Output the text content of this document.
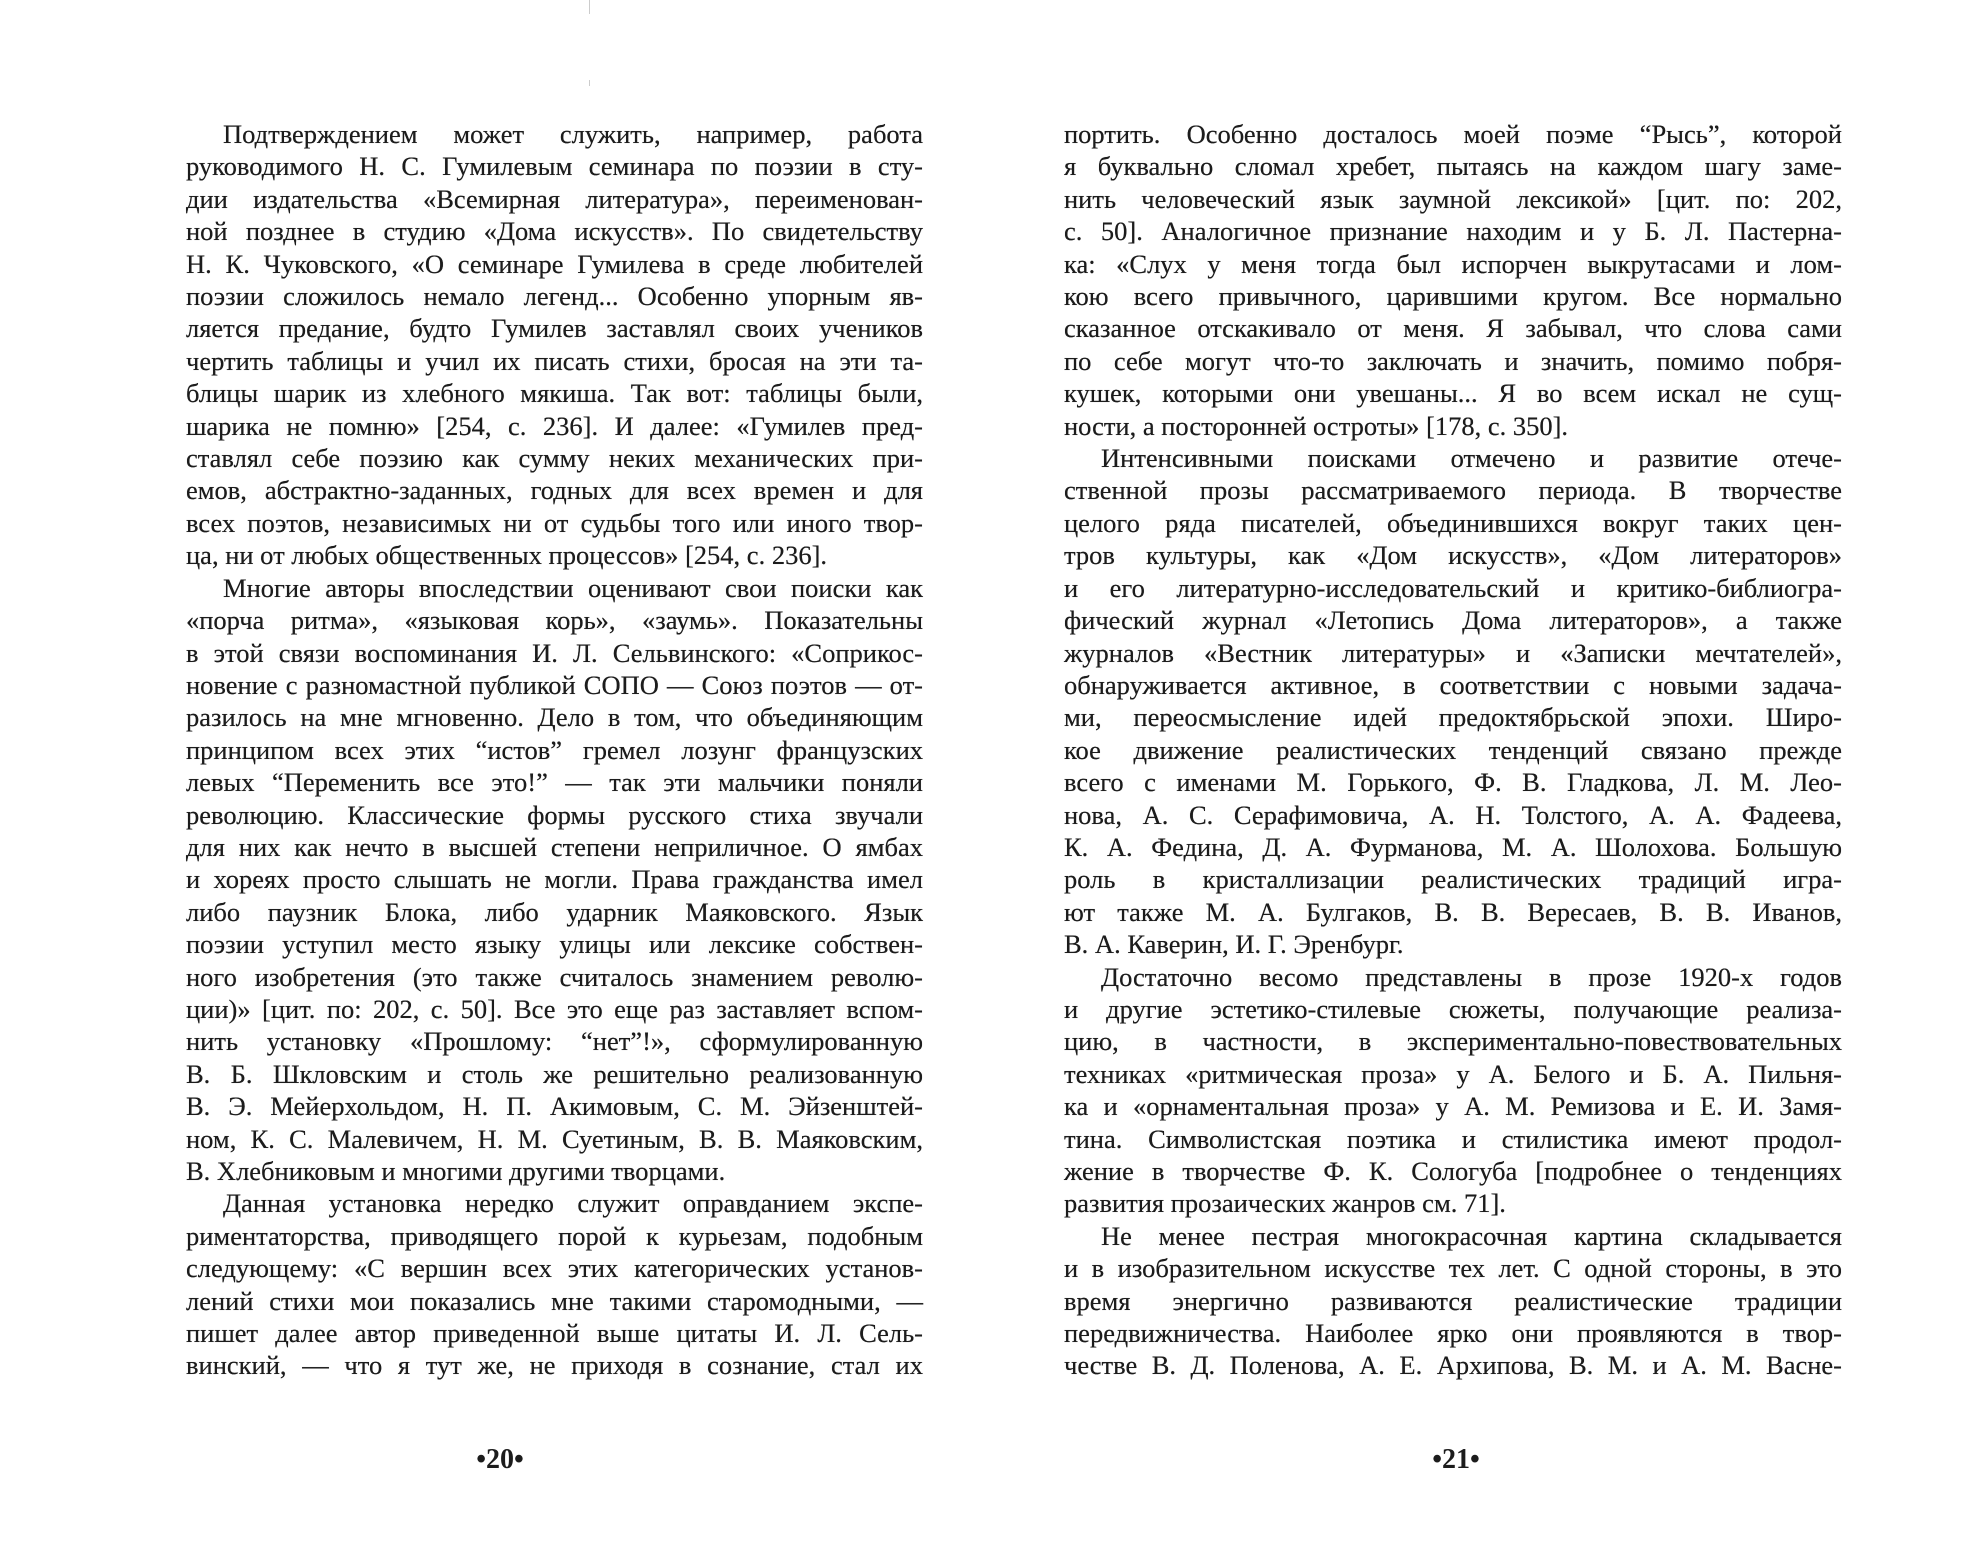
Подтверждением может служить, например, работа
руководимого Н. С. Гумилевым семинара по поэзии в сту-
дии издательства «Всемирная литература», переименован-
ной позднее в студию «Дома искусств». По свидетельству
Н. К. Чуковского, «О семинаре Гумилева в среде любителей
поэзии сложилось немало легенд... Особенно упорным яв-
ляется предание, будто Гумилев заставлял своих учеников
чертить таблицы и учил их писать стихи, бросая на эти та-
блицы шарик из хлебного мякиша. Так вот: таблицы были,
шарика не помню» [254, с. 236]. И далее: «Гумилев пред-
ставлял себе поэзию как сумму неких механических при-
емов, абстрактно-заданных, годных для всех времен и для
всех поэтов, независимых ни от судьбы того или иного твор-
ца, ни от любых общественных процессов» [254, с. 236].
Многие авторы впоследствии оценивают свои поиски как
«порча ритма», «языковая корь», «заумь». Показательны
в этой связи воспоминания И. Л. Сельвинского: «Соприкос-
новение с разномастной публикой СОПО — Союз поэтов — от-
разилось на мне мгновенно. Дело в том, что объединяющим
принципом всех этих “истов” гремел лозунг французских
левых “Переменить все это!” — так эти мальчики поняли
революцию. Классические формы русского стиха звучали
для них как нечто в высшей степени неприличное. О ямбах
и хореях просто слышать не могли. Права гражданства имел
либо паузник Блока, либо ударник Маяковского. Язык
поэзии уступил место языку улицы или лексике собствен-
ного изобретения (это также считалось знамением револю-
ции)» [цит. по: 202, с. 50]. Все это еще раз заставляет вспом-
нить установку «Прошлому: “нет”!», сформулированную
В. Б. Шкловским и столь же решительно реализованную
В. Э. Мейерхольдом, Н. П. Акимовым, С. М. Эйзенштей-
ном, К. С. Малевичем, Н. М. Суетиным, В. В. Маяковским,
В. Хлебниковым и многими другими творцами.
Данная установка нередко служит оправданием экспе-
риментаторства, приводящего порой к курьезам, подобным
следующему: «С вершин всех этих категорических установ-
лений стихи мои показались мне такими старомодными, —
пишет далее автор приведенной выше цитаты И. Л. Сель-
винский, — что я тут же, не приходя в сознание, стал их
портить. Особенно досталось моей поэме “Рысь”, которой
я буквально сломал хребет, пытаясь на каждом шагу заме-
нить человеческий язык заумной лексикой» [цит. по: 202,
с. 50]. Аналогичное признание находим и у Б. Л. Пастерна-
ка: «Слух у меня тогда был испорчен выкрутасами и лом-
кою всего привычного, царившими кругом. Все нормально
сказанное отскакивало от меня. Я забывал, что слова сами
по себе могут что-то заключать и значить, помимо побря-
кушек, которыми они увешаны... Я во всем искал не сущ-
ности, а посторонней остроты» [178, с. 350].
Интенсивными поисками отмечено и развитие отече-
ственной прозы рассматриваемого периода. В творчестве
целого ряда писателей, объединившихся вокруг таких цен-
тров культуры, как «Дом искусств», «Дом литераторов»
и его литературно-исследовательский и критико-библиогра-
фический журнал «Летопись Дома литераторов», а также
журналов «Вестник литературы» и «Записки мечтателей»,
обнаруживается активное, в соответствии с новыми задача-
ми, переосмысление идей предоктябрьской эпохи. Широ-
кое движение реалистических тенденций связано прежде
всего с именами М. Горького, Ф. В. Гладкова, Л. М. Лео-
нова, А. С. Серафимовича, А. Н. Толстого, А. А. Фадеева,
К. А. Федина, Д. А. Фурманова, М. А. Шолохова. Большую
роль в кристаллизации реалистических традиций игра-
ют также М. А. Булгаков, В. В. Вересаев, В. В. Иванов,
В. А. Каверин, И. Г. Эренбург.
Достаточно весомо представлены в прозе 1920-х годов
и другие эстетико-стилевые сюжеты, получающие реализа-
цию, в частности, в экспериментально-повествовательных
техниках «ритмическая проза» у А. Белого и Б. А. Пильня-
ка и «орнаментальная проза» у А. М. Ремизова и Е. И. Замя-
тина. Символистская поэтика и стилистика имеют продол-
жение в творчестве Ф. К. Сологуба [подробнее о тенденциях
развития прозаических жанров см. 71].
Не менее пестрая многокрасочная картина складывается
и в изобразительном искусстве тех лет. С одной стороны, в это
время энергично развиваются реалистические традиции
передвижничества. Наиболее ярко они проявляются в твор-
честве В. Д. Поленова, А. Е. Архипова, В. М. и А. М. Васне-
•20•	•21•
